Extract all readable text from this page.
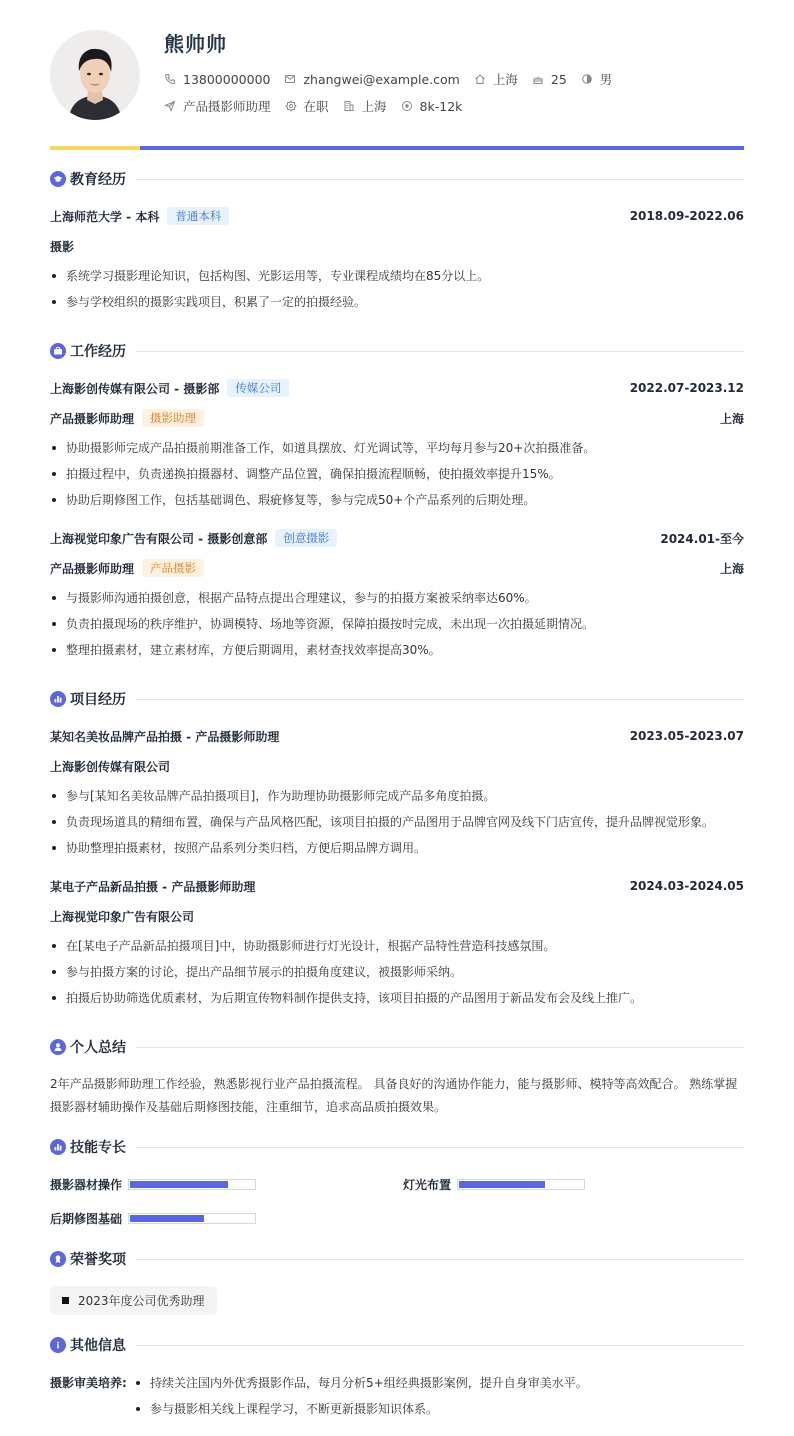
熊帅帅
13800000000	zhangwei@example.com	上海	25	男
产品摄影师助理	在职	上海	8k-12k
教育经历
上海师范大学 - 本科	普通本科	2018.09-2022.06
摄影
系统学习摄影理论知识，包括构图、光影运用等，专业课程成绩均在85分以上。
参与学校组织的摄影实践项目，积累了一定的拍摄经验。
工作经历
上海影创传媒有限公司 - 摄影部	传媒公司	2022.07-2023.12
产品摄影师助理	摄影助理	上海
协助摄影师完成产品拍摄前期准备工作，如道具摆放、灯光调试等，平均每月参与20+次拍摄准备。
拍摄过程中，负责递换拍摄器材、调整产品位置，确保拍摄流程顺畅，使拍摄效率提升15%。
协助后期修图工作，包括基础调色、瑕疵修复等，参与完成50+个产品系列的后期处理。
上海视觉印象广告有限公司 - 摄影创意部	创意摄影	2024.01-至今
产品摄影师助理	产品摄影	上海
与摄影师沟通拍摄创意，根据产品特点提出合理建议，参与的拍摄方案被采纳率达60%。
负责拍摄现场的秩序维护，协调模特、场地等资源，保障拍摄按时完成，未出现一次拍摄延期情况。
整理拍摄素材，建立素材库，方便后期调用，素材查找效率提高30%。
项目经历
某知名美妆品牌产品拍摄 - 产品摄影师助理	2023.05-2023.07
上海影创传媒有限公司
参与[某知名美妆品牌产品拍摄项目]，作为助理协助摄影师完成产品多角度拍摄。
负责现场道具的精细布置，确保与产品风格匹配，该项目拍摄的产品图用于品牌官网及线下门店宣传，提升品牌视觉形象。
协助整理拍摄素材，按照产品系列分类归档，方便后期品牌方调用。
某电子产品新品拍摄 - 产品摄影师助理	2024.03-2024.05
上海视觉印象广告有限公司
在[某电子产品新品拍摄项目]中，协助摄影师进行灯光设计，根据产品特性营造科技感氛围。
参与拍摄方案的讨论，提出产品细节展示的拍摄角度建议，被摄影师采纳。
拍摄后协助筛选优质素材，为后期宣传物料制作提供支持，该项目拍摄的产品图用于新品发布会及线上推广。
个人总结
2年产品摄影师助理工作经验，熟悉影视行业产品拍摄流程。 具备良好的沟通协作能力，能与摄影师、模特等高效配合。 熟练掌握摄影器材辅助操作及基础后期修图技能，注重细节，追求高品质拍摄效果。
技能专长
摄影器材操作	灯光布置
后期修图基础
荣誉奖项
2023年度公司优秀助理
其他信息
摄影审美培养:	持续关注国内外优秀摄影作品，每月分析5+组经典摄影案例，提升自身审美水平。
参与摄影相关线上课程学习，不断更新摄影知识体系。
